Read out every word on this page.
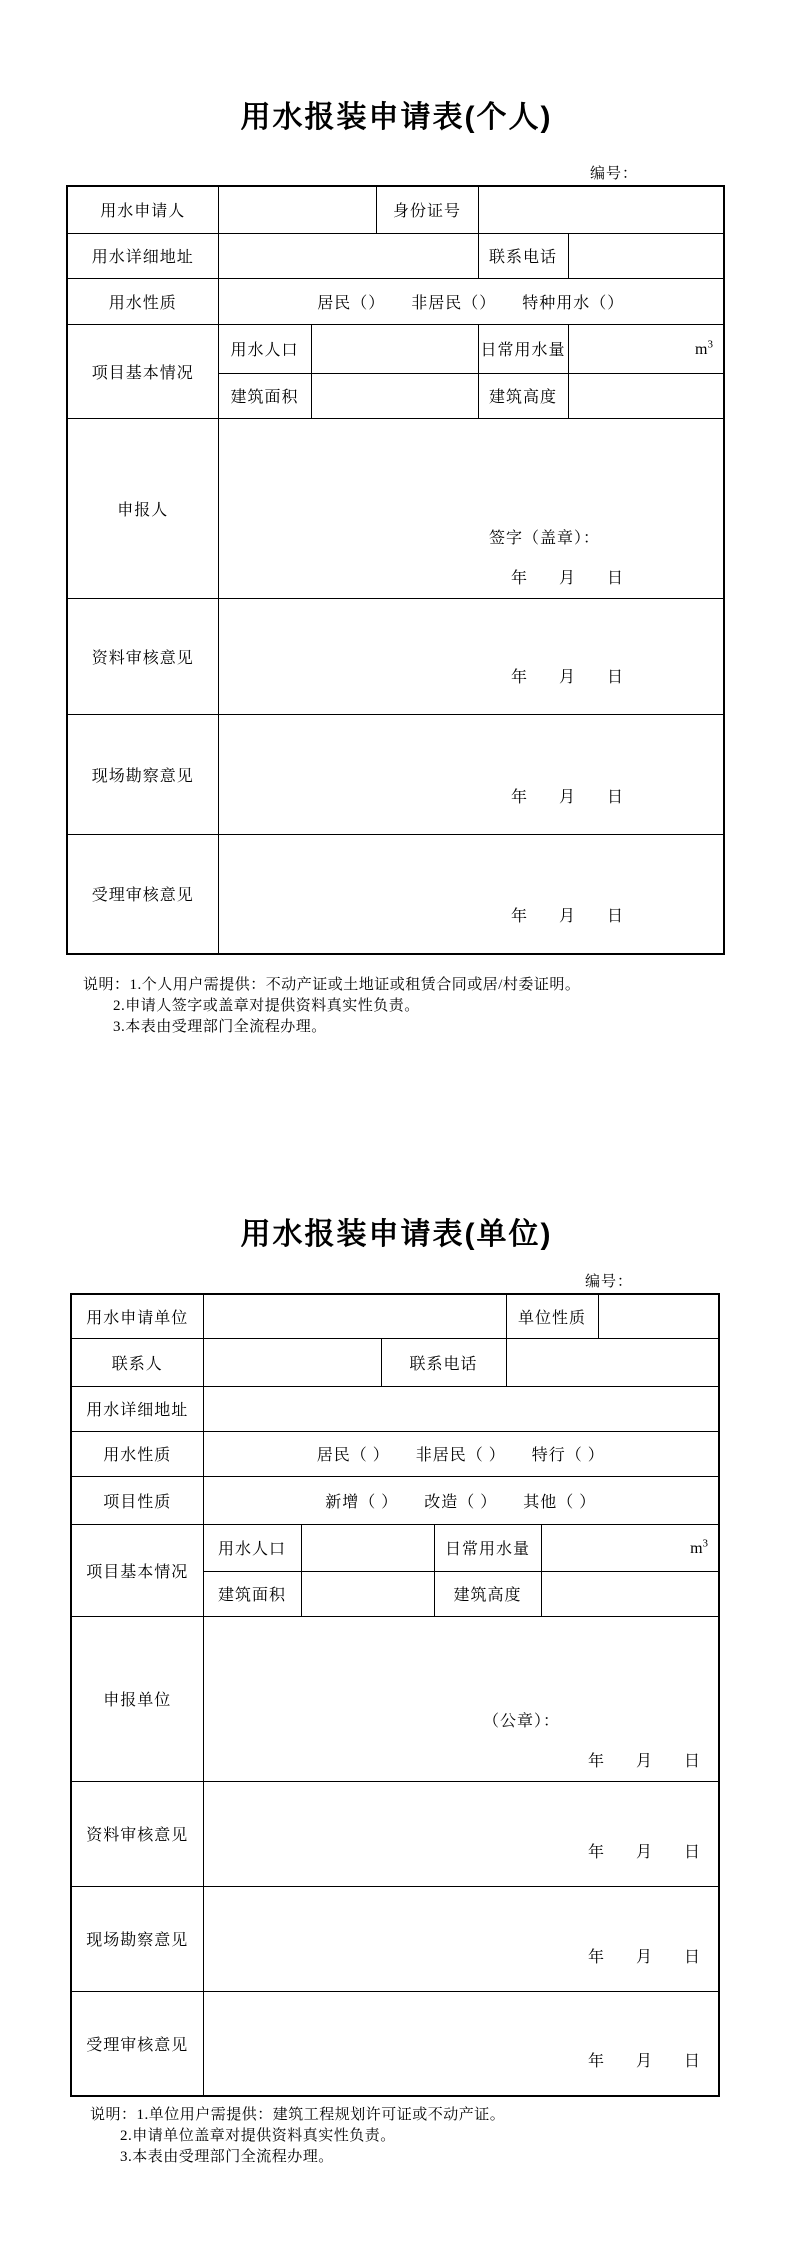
用水报装申请表(个人)
编号：
用水申请人			身份证号		
用水详细地址				联系电话	
用水性质	居民（）　　非居民（）　　特种用水（）				
项目基本情况	用水人口			日常用水量	$m^3$
	建筑面积			建筑高度	
申报人	签字（盖章）：
年　　月　　日				

资料审核意见	年　　月　　日				

现场勘察意见	年　　月　　日				

受理审核意见	年　　月　　日				
说明：1.个人用户需提供：不动产证或土地证或租赁合同或居/村委证明。
2.申请人签字或盖章对提供资料真实性负责。
3.本表由受理部门全流程办理。
用水报装申请表(单位)
编号：
用水申请单位					单位性质		
联系人			联系电话				
用水详细地址							
用水性质	居民（ ）　　非居民（ ）　　特行（ ）						
项目性质	新增（ ）　　改造（ ）　　其他（ ）						
项目基本情况	用水人口			日常用水量		$m^3$
	建筑面积			建筑高度			
申报单位	（公章）：
年　　月　　日						

资料审核意见	年　　月　　日						

现场勘察意见	年　　月　　日						

受理审核意见	年　　月　　日						
说明：1.单位用户需提供：建筑工程规划许可证或不动产证。
2.申请单位盖章对提供资料真实性负责。
3.本表由受理部门全流程办理。
